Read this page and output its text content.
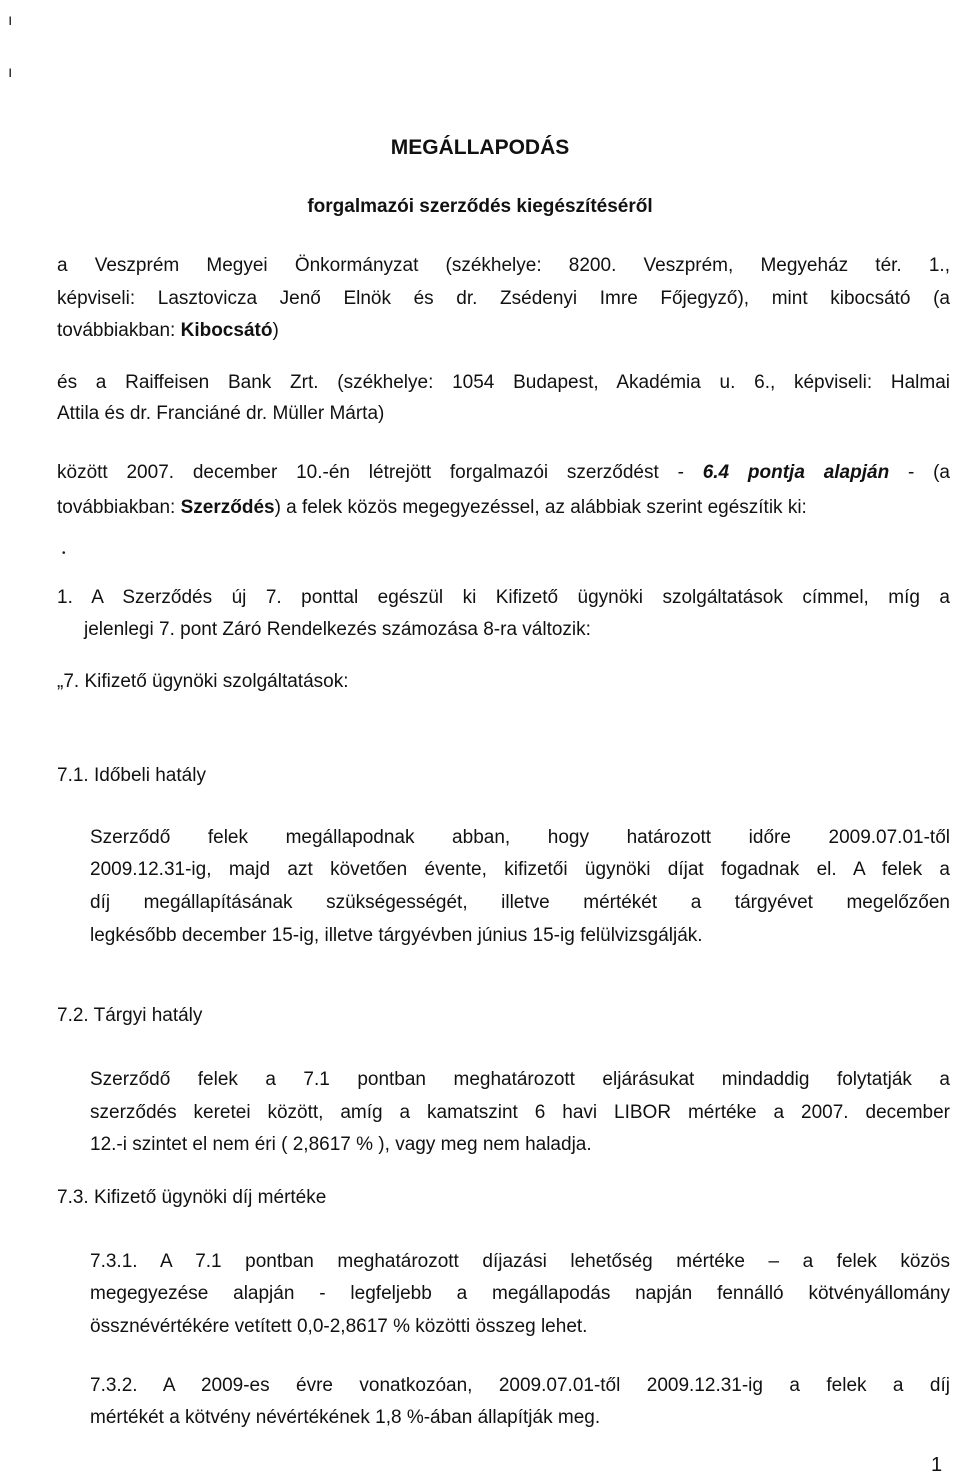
ı
ı
•
MEGÁLLAPODÁS
forgalmazói szerződés kiegészítéséről
a Veszprém Megyei Önkormányzat (székhelye: 8200. Veszprém, Megyeház tér. 1.,
képviseli: Lasztovicza Jenő Elnök és dr. Zsédenyi Imre Főjegyző), mint kibocsátó (a
továbbiakban: Kibocsátó)
és a Raiffeisen Bank Zrt. (székhelye: 1054 Budapest, Akadémia u. 6., képviseli: Halmai
Attila és dr. Franciáné dr. Müller Márta)
között 2007. december 10.-én létrejött forgalmazói szerződést - 6.4 pontja alapján - (a
továbbiakban: Szerződés) a felek közös megegyezéssel, az alábbiak szerint egészítik ki:
1. A Szerződés új 7. ponttal egészül ki Kifizető ügynöki szolgáltatások címmel, míg a
jelenlegi 7. pont Záró Rendelkezés számozása 8-ra változik:
„7. Kifizető ügynöki szolgáltatások:
7.1. Időbeli hatály
Szerződő felek megállapodnak abban, hogy határozott időre 2009.07.01-től
2009.12.31-ig, majd azt követően évente, kifizetői ügynöki díjat fogadnak el. A felek a
díj megállapításának szükségességét, illetve mértékét a tárgyévet megelőzően
legkésőbb december 15-ig, illetve tárgyévben június 15-ig felülvizsgálják.
7.2. Tárgyi hatály
Szerződő felek a 7.1 pontban meghatározott eljárásukat mindaddig folytatják a
szerződés keretei között, amíg a kamatszint 6 havi LIBOR mértéke a 2007. december
12.-i szintet el nem éri ( 2,8617 % ), vagy meg nem haladja.
7.3. Kifizető ügynöki díj mértéke
7.3.1. A 7.1 pontban meghatározott díjazási lehetőség mértéke – a felek közös
megegyezése alapján - legfeljebb a megállapodás napján fennálló kötvényállomány
össznévértékére vetített 0,0-2,8617 % közötti összeg lehet.
7.3.2. A 2009-es évre vonatkozóan, 2009.07.01-től 2009.12.31-ig a felek a díj
mértékét a kötvény névértékének 1,8 %-ában állapítják meg.
1
